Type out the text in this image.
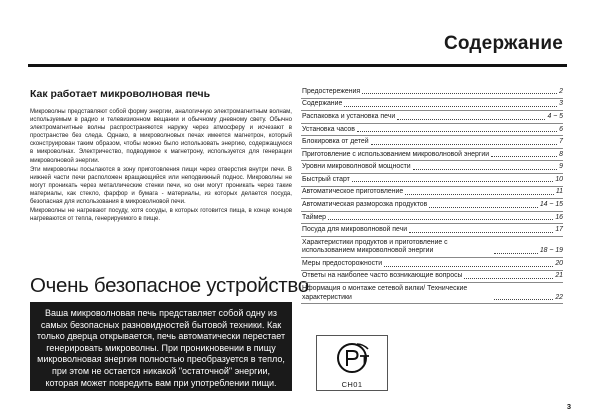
Содержание
Как работает микроволновая печь

Микроволны представляют собой форму энергии, аналогичную электромагнитным волнам, используемым в радио и телевизионном вещании и обычному дневному свету. Обычно электромагнитные волны распространяются наружу через атмосферу и исчезают в пространстве без следа. Однако, в микроволновых печах имеется магнетрон, который сконструирован таким образом, чтобы можно было использовать энергию, содержащуюся в микроволнах. Электричество, подводимое к магнетрону, используется для генерации микроволновой энергии.

Эти микроволны посылаются в зону приготовления пищи через отверстия внутри печи. В нижней части печи расположен вращающийся или неподвижный поднос. Микроволны не могут проникать через металлические стенки печи, но они могут проникать через такие материалы, как стекло, фарфор и бумага - материалы, из которых делается посуда, безопасная для использования в микроволновой печи.

Микроволны не нагревают посуду, хотя сосуды, в которых готовится пища, в конце концов нагреваются от тепла, генерируемого в пище.

Очень безопасное устройство
Ваша микроволновая печь представляет собой одну из самых безопасных разновидностей бытовой техники. Как только дверца открывается, печь автоматически перестает генерировать микроволны. При проникновении в пищу микроволновая энергия полностью преобразуется в тепло, при этом не остается никакой "остаточной" энергии, которая может повредить вам при употреблении пищи.
Предостережения	2
Содержание	3
Распаковка и установка печи	4 ~ 5
Установка часов	6
Блокировка от детей	7
Приготовление с использованием микроволновой энергии	8
Уровни микроволновой мощности	9
Быстрый старт	10
Автоматическое приготовление	11
Автоматическая разморозка продуктов	14 ~ 15
Таймер	16
Посуда для микроволновой печи	17
Характеристики продуктов и приготовление с использованием микроволновой энергии	18 ~ 19
Меры предосторожности	20
Ответы на наиболее часто возникающие вопросы	21
Нформация о монтаже сетевой вилки/ Технические характеристики	22
CH01
3
